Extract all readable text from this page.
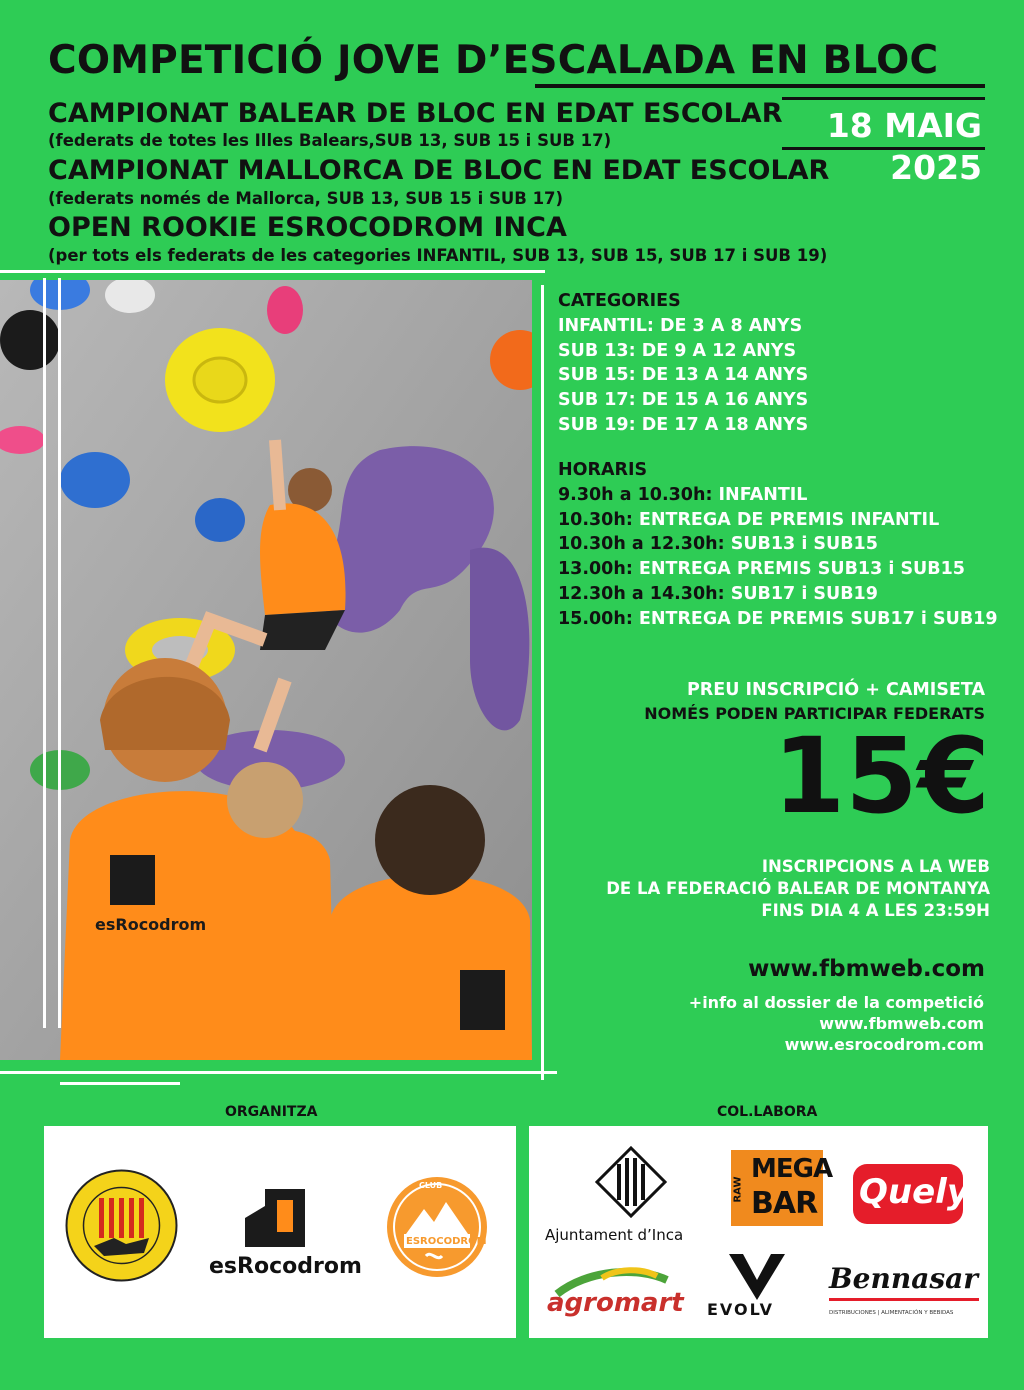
COMPETICIÓ JOVE D’ESCALADA EN BLOC
CAMPIONAT BALEAR DE BLOC EN EDAT ESCOLAR
(federats de totes les Illes Balears,SUB 13, SUB 15 i SUB 17)
CAMPIONAT MALLORCA DE BLOC EN EDAT ESCOLAR
(federats només de Mallorca, SUB 13, SUB 15 i SUB 17)
OPEN ROOKIE ESROCODROM INCA
(per tots els federats de les categories INFANTIL, SUB 13, SUB 15, SUB 17 i SUB 19)
18 MAIG
2025
esRocodrom
CATEGORIES
INFANTIL: DE 3 A 8 ANYS
SUB 13: DE 9 A 12 ANYS
SUB 15: DE 13 A 14 ANYS
SUB 17: DE 15 A 16 ANYS
SUB 19: DE 17 A 18 ANYS
HORARIS
9.30h a 10.30h: INFANTIL
10.30h: ENTREGA DE PREMIS INFANTIL
10.30h a 12.30h: SUB13 i SUB15
13.00h: ENTREGA PREMIS SUB13 i SUB15
12.30h a 14.30h: SUB17 i SUB19
15.00h: ENTREGA DE PREMIS SUB17 i SUB19
PREU INSCRIPCIÓ + CAMISETA
NOMÉS PODEN PARTICIPAR FEDERATS
15€
INSCRIPCIONS A LA WEB
DE LA FEDERACIÓ BALEAR DE MONTANYA
FINS DIA 4 A LES 23:59H
www.fbmweb.com
+info al dossier de la competició
www.fbmweb.com
www.esrocodrom.com
ORGANITZA
esRocodrom
CLUB
ESROCODROM
COL.LABORA
Ajuntament d’Inca
MEGA
BAR
RAW	Quely
agromart EVOLV
Bennasar
DISTRIBUCIONES | ALIMENTACIÓN Y BEBIDAS
